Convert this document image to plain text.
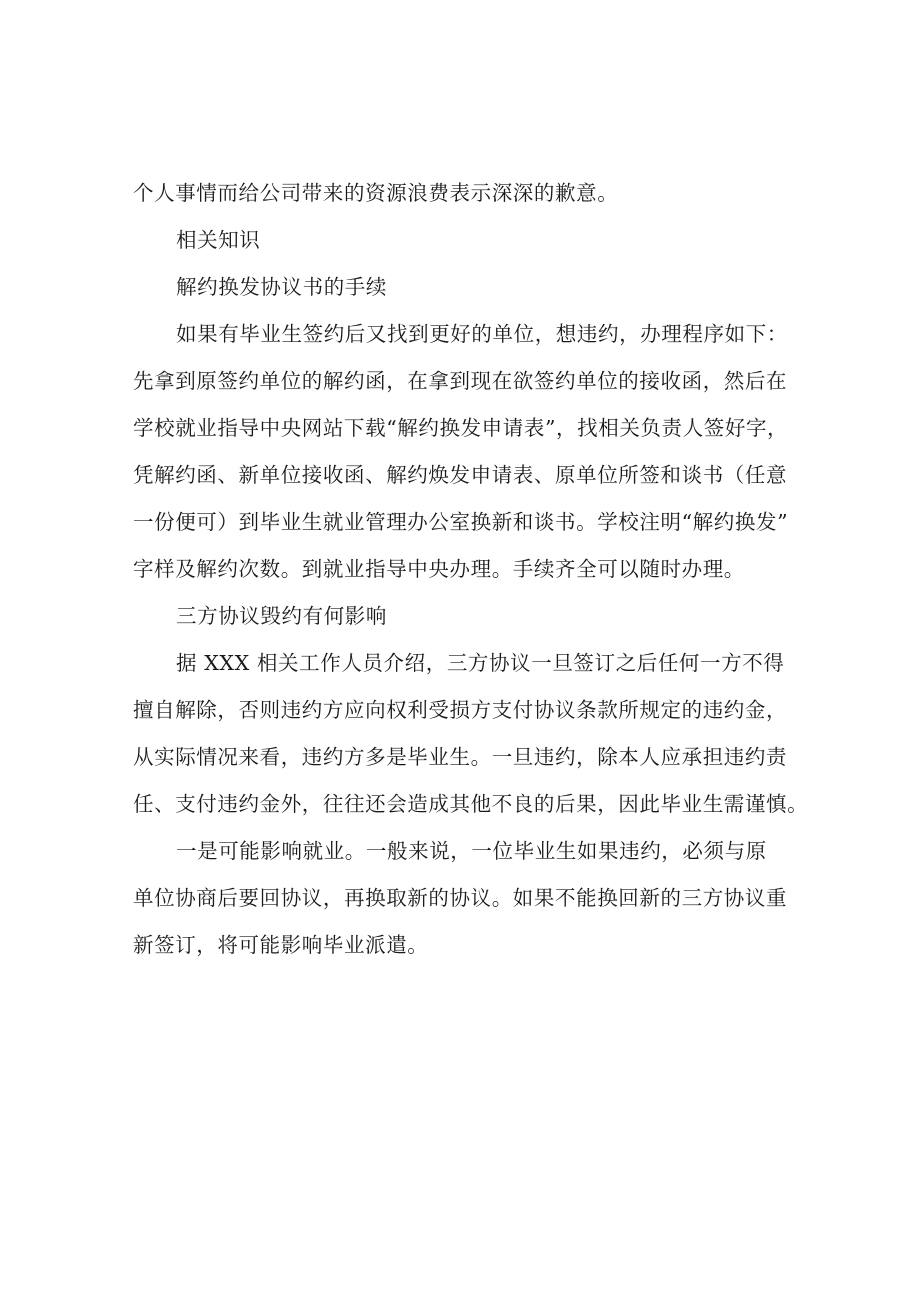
个人事情而给公司带来的资源浪费表示深深的歉意。
相关知识
解约换发协议书的手续
如果有毕业生签约后又找到更好的单位，想违约，办理程序如下：
先拿到原签约单位的解约函，在拿到现在欲签约单位的接收函，然后在
学校就业指导中央网站下载“解约换发申请表”，找相关负责人签好字，
凭解约函、新单位接收函、解约焕发申请表、原单位所签和谈书（任意
一份便可）到毕业生就业管理办公室换新和谈书。学校注明“解约换发”
字样及解约次数。到就业指导中央办理。手续齐全可以随时办理。
三方协议毁约有何影响
据 XXX 相关工作人员介绍，三方协议一旦签订之后任何一方不得
擅自解除，否则违约方应向权利受损方支付协议条款所规定的违约金，
从实际情况来看，违约方多是毕业生。一旦违约，除本人应承担违约责
任、支付违约金外，往往还会造成其他不良的后果，因此毕业生需谨慎。
一是可能影响就业。一般来说，一位毕业生如果违约，必须与原
单位协商后要回协议，再换取新的协议。如果不能换回新的三方协议重
新签订，将可能影响毕业派遣。
